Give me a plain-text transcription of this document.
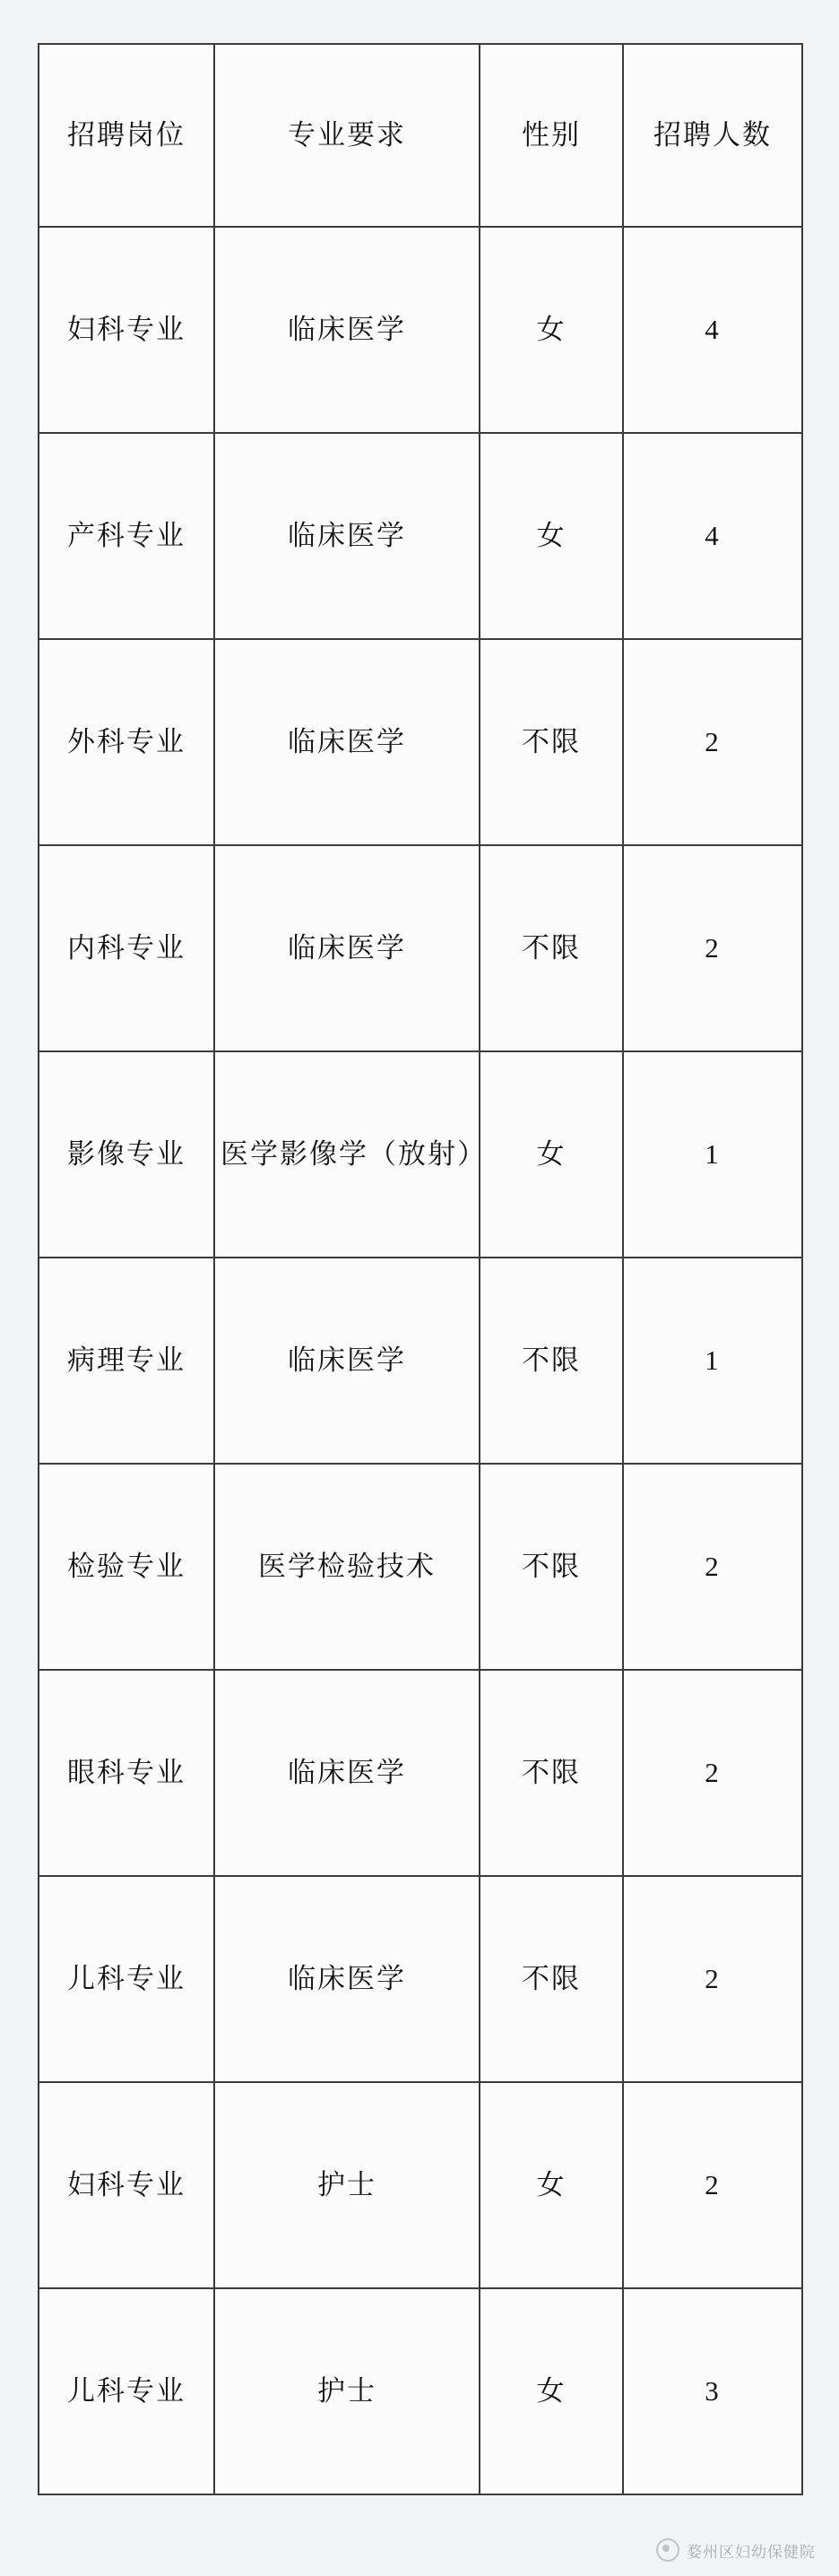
招聘岗位	专业要求	性别	招聘人数
妇科专业	临床医学	女	4
产科专业	临床医学	女	4
外科专业	临床医学	不限	2
内科专业	临床医学	不限	2
影像专业	医学影像学（放射）	女	1
病理专业	临床医学	不限	1
检验专业	医学检验技术	不限	2
眼科专业	临床医学	不限	2
儿科专业	临床医学	不限	2
妇科专业	护士	女	2
儿科专业	护士	女	3
婺州区妇幼保健院
